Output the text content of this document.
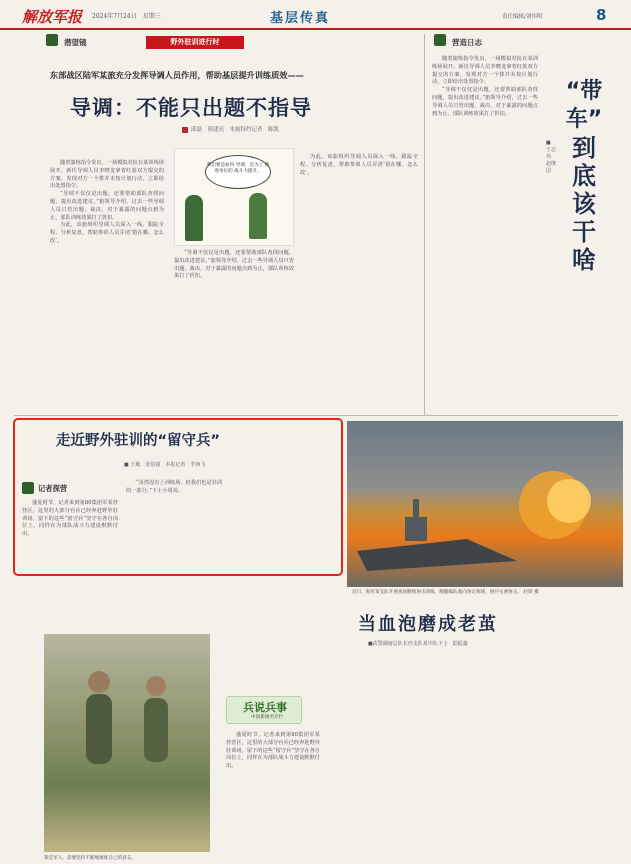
解放军报 2024年7月24日　星期三	基层传真	责任编辑/刘伟明	8
潜望镜	野外驻训进行时
东部战区陆军某旅充分发挥导调人员作用，帮助基层提升训练质效——
导调：不能只出题不指导
邱磊　邢建亮　本报特约记者　陈凯
我们要是如何 导调，是为了 推进单位的 战斗力提升。

随着演练指令发出，一场模拟对抗在某训练场展开。新任导调人员李晓龙拿着红蓝双方提交的方案，发现对方一个排并未按计划行动，立即给出处置指令。

“导调不仅仅是出题，还要帮助部队查找问题，提出改进建议。”旅领导介绍，过去一些导调人员只管出题、裁决，对于暴露的问题点到为止，部队训练效果打了折扣。

为此，该旅组织导调人员深入一线，跟踪全程、分析复盘，帮助参训人员弄清‘错在哪、怎么改’。

“导调不仅仅是出题，还要帮助部队查找问题，提出改进建议。”旅领导介绍，过去一些导调人员只管出题、裁决，对于暴露的问题点到为止，部队训练效果打了折扣。

为此，该旅组织导调人员深入一线，跟踪全程、分析复盘，帮助参训人员弄清‘错在哪、怎么改’。

营造日志
“带车”
到底该干啥
■ 王志伟 赵继国

随着演练指令发出，一场模拟对抗在某训练场展开。新任导调人员李晓龙拿着红蓝双方提交的方案，发现对方一个排并未按计划行动，立即给出处置指令。

“导调不仅仅是出题，还要帮助部队查找问题，提出改进建议。”旅领导介绍，过去一些导调人员只管出题、裁决，对于暴露的问题点到为止，部队训练效果打了折扣。

走近野外驻训的“留守兵”
■ 王敏　张伯强　本报记者　李西飞
记者探营

盛夏时节，记者来到第80集团军某营营区，这里的大部分官兵已经奔赴野外驻训场，留下的这些“留守兵”坚守在各自岗位上，同样在为部队战斗力建设默默付出。

“虽然没有上训练场，但我们也是驻训的一部分。”下士小周说。

近日，海军某支队开展夜间舰炮射击训练，舰艇编队驶向预定海域，展开实弹射击。 赵锋 摄
当血泡磨成老茧
■武警湖南总队长沙支队某中队下士　陆振鑫
我是军人，需要坚持不断地锤炼自己的意志。
兵说兵事
中国新闻名专栏

盛夏时节，记者来到第80集团军某营营区，这里的大部分官兵已经奔赴野外驻训场，留下的这些“留守兵”坚守在各自岗位上，同样在为部队战斗力建设默默付出。
